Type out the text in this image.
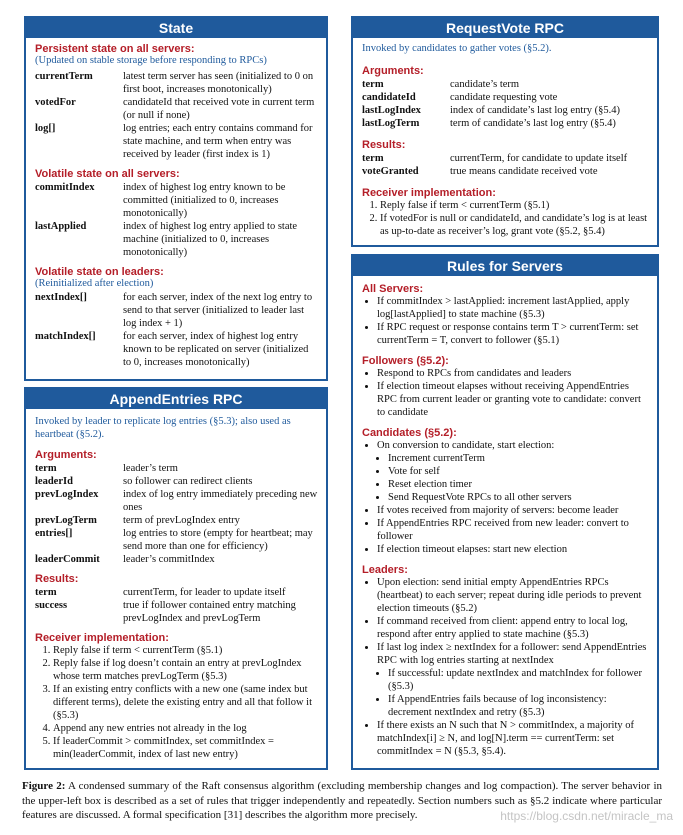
State
Persistent state on all servers:
(Updated on stable storage before responding to RPCs)
currentTerm	latest term server has seen (initialized to 0 on first boot, increases monotonically)
votedFor	candidateId that received vote in current term (or null if none)
log[]	log entries; each entry contains command for state machine, and term when entry was received by leader (first index is 1)
Volatile state on all servers:
commitIndex	index of highest log entry known to be committed (initialized to 0, increases monotonically)
lastApplied	index of highest log entry applied to state machine (initialized to 0, increases monotonically)
Volatile state on leaders:
(Reinitialized after election)
nextIndex[]	for each server, index of the next log entry to send to that server (initialized to leader last log index + 1)
matchIndex[]	for each server, index of highest log entry known to be replicated on server (initialized to 0, increases monotonically)
AppendEntries RPC
Invoked by leader to replicate log entries (§5.3); also used as heartbeat (§5.2).
Arguments:
term	leader’s term
leaderId	so follower can redirect clients
prevLogIndex	index of log entry immediately preceding new ones
prevLogTerm	term of prevLogIndex entry
entries[]	log entries to store (empty for heartbeat; may send more than one for efficiency)
leaderCommit	leader’s commitIndex
Results:
term	currentTerm, for leader to update itself
success	true if follower contained entry matching prevLogIndex and prevLogTerm
Receiver implementation:
1. Reply false if term < currentTerm (§5.1)
2. Reply false if log doesn’t contain an entry at prevLogIndex whose term matches prevLogTerm (§5.3)
3. If an existing entry conflicts with a new one (same index but different terms), delete the existing entry and all that follow it (§5.3)
4. Append any new entries not already in the log
5. If leaderCommit > commitIndex, set commitIndex = min(leaderCommit, index of last new entry)
RequestVote RPC
Invoked by candidates to gather votes (§5.2).
Arguments:
term	candidate’s term
candidateId	candidate requesting vote
lastLogIndex	index of candidate’s last log entry (§5.4)
lastLogTerm	term of candidate’s last log entry (§5.4)
Results:
term	currentTerm, for candidate to update itself
voteGranted	true means candidate received vote
Receiver implementation:
1. Reply false if term < currentTerm (§5.1)
2. If votedFor is null or candidateId, and candidate’s log is at least as up-to-date as receiver’s log, grant vote (§5.2, §5.4)
Rules for Servers
All Servers:
• If commitIndex > lastApplied: increment lastApplied, apply log[lastApplied] to state machine (§5.3)
• If RPC request or response contains term T > currentTerm: set currentTerm = T, convert to follower (§5.1)
Followers (§5.2):
• Respond to RPCs from candidates and leaders
• If election timeout elapses without receiving AppendEntries RPC from current leader or granting vote to candidate: convert to candidate
Candidates (§5.2):
• On conversion to candidate, start election:
• Increment currentTerm
• Vote for self
• Reset election timer
• Send RequestVote RPCs to all other servers
• If votes received from majority of servers: become leader
• If AppendEntries RPC received from new leader: convert to follower
• If election timeout elapses: start new election
Leaders:
• Upon election: send initial empty AppendEntries RPCs (heartbeat) to each server; repeat during idle periods to prevent election timeouts (§5.2)
• If command received from client: append entry to local log, respond after entry applied to state machine (§5.3)
• If last log index ≥ nextIndex for a follower: send AppendEntries RPC with log entries starting at nextIndex
• If successful: update nextIndex and matchIndex for follower (§5.3)
• If AppendEntries fails because of log inconsistency: decrement nextIndex and retry (§5.3)
• If there exists an N such that N > commitIndex, a majority of matchIndex[i] ≥ N, and log[N].term == currentTerm: set commitIndex = N (§5.3, §5.4).
Figure 2: A condensed summary of the Raft consensus algorithm (excluding membership changes and log compaction). The server behavior in the upper-left box is described as a set of rules that trigger independently and repeatedly. Section numbers such as §5.2 indicate where particular features are discussed. A formal specification [31] describes the algorithm more precisely.	https://blog.csdn.net/miracle_ma
